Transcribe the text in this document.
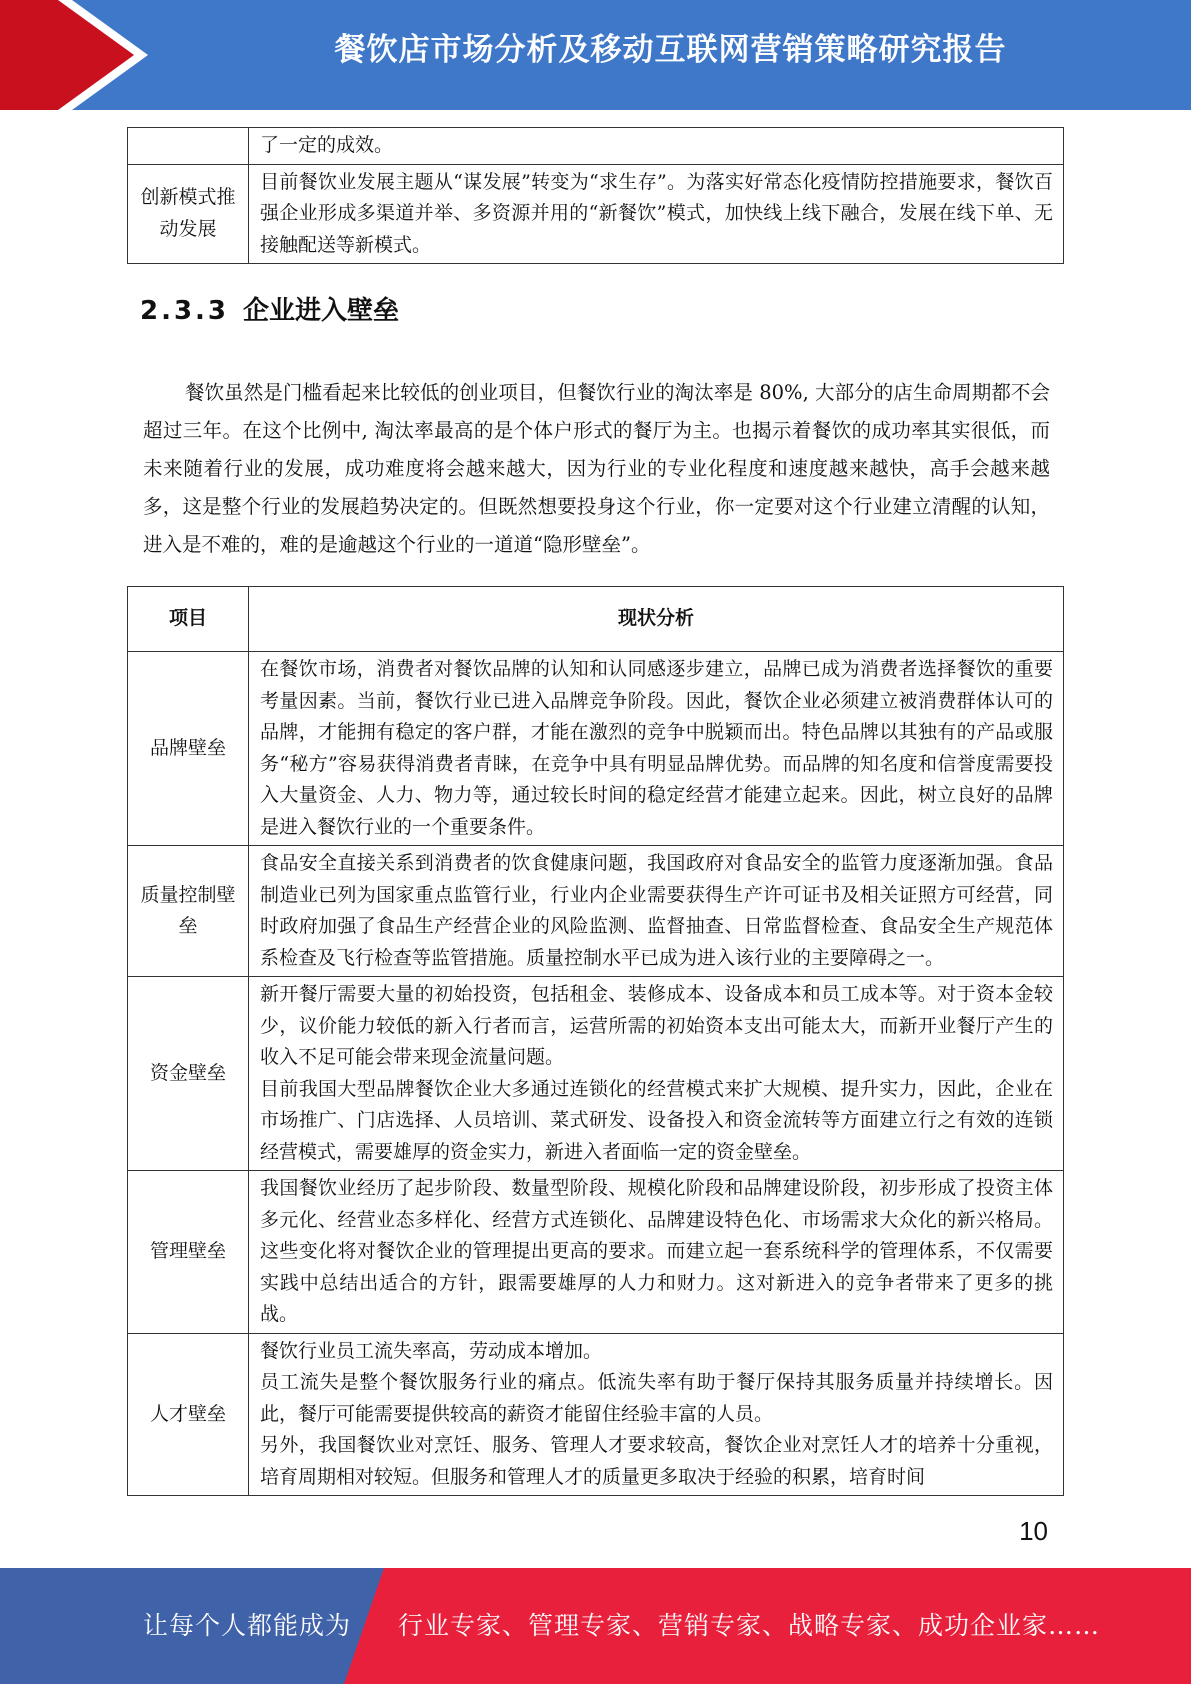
餐饮店市场分析及移动互联网营销策略研究报告
	了一定的成效。
创新模式推动发展	目前餐饮业发展主题从“谋发展”转变为“求生存”。为落实好常态化疫情防控措施要求，餐饮百强企业形成多渠道并举、多资源并用的“新餐饮”模式，加快线上线下融合，发展在线下单、无接触配送等新模式。
2.3.3 企业进入壁垒

餐饮虽然是门槛看起来比较低的创业项目，但餐饮行业的淘汰率是 80%, 大部分的店生命周期都不会超过三年。在这个比例中, 淘汰率最高的是个体户形式的餐厅为主。也揭示着餐饮的成功率其实很低，而未来随着行业的发展，成功难度将会越来越大，因为行业的专业化程度和速度越来越快，高手会越来越多，这是整个行业的发展趋势决定的。但既然想要投身这个行业，你一定要对这个行业建立清醒的认知，进入是不难的，难的是逾越这个行业的一道道“隐形壁垒”。

项目	现状分析
品牌壁垒	在餐饮市场，消费者对餐饮品牌的认知和认同感逐步建立，品牌已成为消费者选择餐饮的重要考量因素。当前，餐饮行业已进入品牌竞争阶段。因此，餐饮企业必须建立被消费群体认可的品牌，才能拥有稳定的客户群，才能在激烈的竞争中脱颖而出。特色品牌以其独有的产品或服务“秘方”容易获得消费者青睐，在竞争中具有明显品牌优势。而品牌的知名度和信誉度需要投入大量资金、人力、物力等，通过较长时间的稳定经营才能建立起来。因此，树立良好的品牌是进入餐饮行业的一个重要条件。

质量控制壁垒	食品安全直接关系到消费者的饮食健康问题，我国政府对食品安全的监管力度逐渐加强。食品制造业已列为国家重点监管行业，行业内企业需要获得生产许可证书及相关证照方可经营，同时政府加强了食品生产经营企业的风险监测、监督抽查、日常监督检查、食品安全生产规范体系检查及飞行检查等监管措施。质量控制水平已成为进入该行业的主要障碍之一。

资金壁垒	新开餐厅需要大量的初始投资，包括租金、装修成本、设备成本和员工成本等。对于资本金较少，议价能力较低的新入行者而言，运营所需的初始资本支出可能太大，而新开业餐厅产生的收入不足可能会带来现金流量问题。

目前我国大型品牌餐饮企业大多通过连锁化的经营模式来扩大规模、提升实力，因此，企业在市场推广、门店选择、人员培训、菜式研发、设备投入和资金流转等方面建立行之有效的连锁经营模式，需要雄厚的资金实力，新进入者面临一定的资金壁垒。

管理壁垒	我国餐饮业经历了起步阶段、数量型阶段、规模化阶段和品牌建设阶段，初步形成了投资主体多元化、经营业态多样化、经营方式连锁化、品牌建设特色化、市场需求大众化的新兴格局。这些变化将对餐饮企业的管理提出更高的要求。而建立起一套系统科学的管理体系，不仅需要实践中总结出适合的方针，跟需要雄厚的人力和财力。这对新进入的竞争者带来了更多的挑战。

人才壁垒	餐饮行业员工流失率高，劳动成本增加。

员工流失是整个餐饮服务行业的痛点。低流失率有助于餐厅保持其服务质量并持续增长。因此，餐厅可能需要提供较高的薪资才能留住经验丰富的人员。

另外，我国餐饮业对烹饪、服务、管理人才要求较高，餐饮企业对烹饪人才的培养十分重视，培育周期相对较短。但服务和管理人才的质量更多取决于经验的积累，培育时间

10
让每个人都能成为 行业专家、管理专家、营销专家、战略专家、成功企业家……
